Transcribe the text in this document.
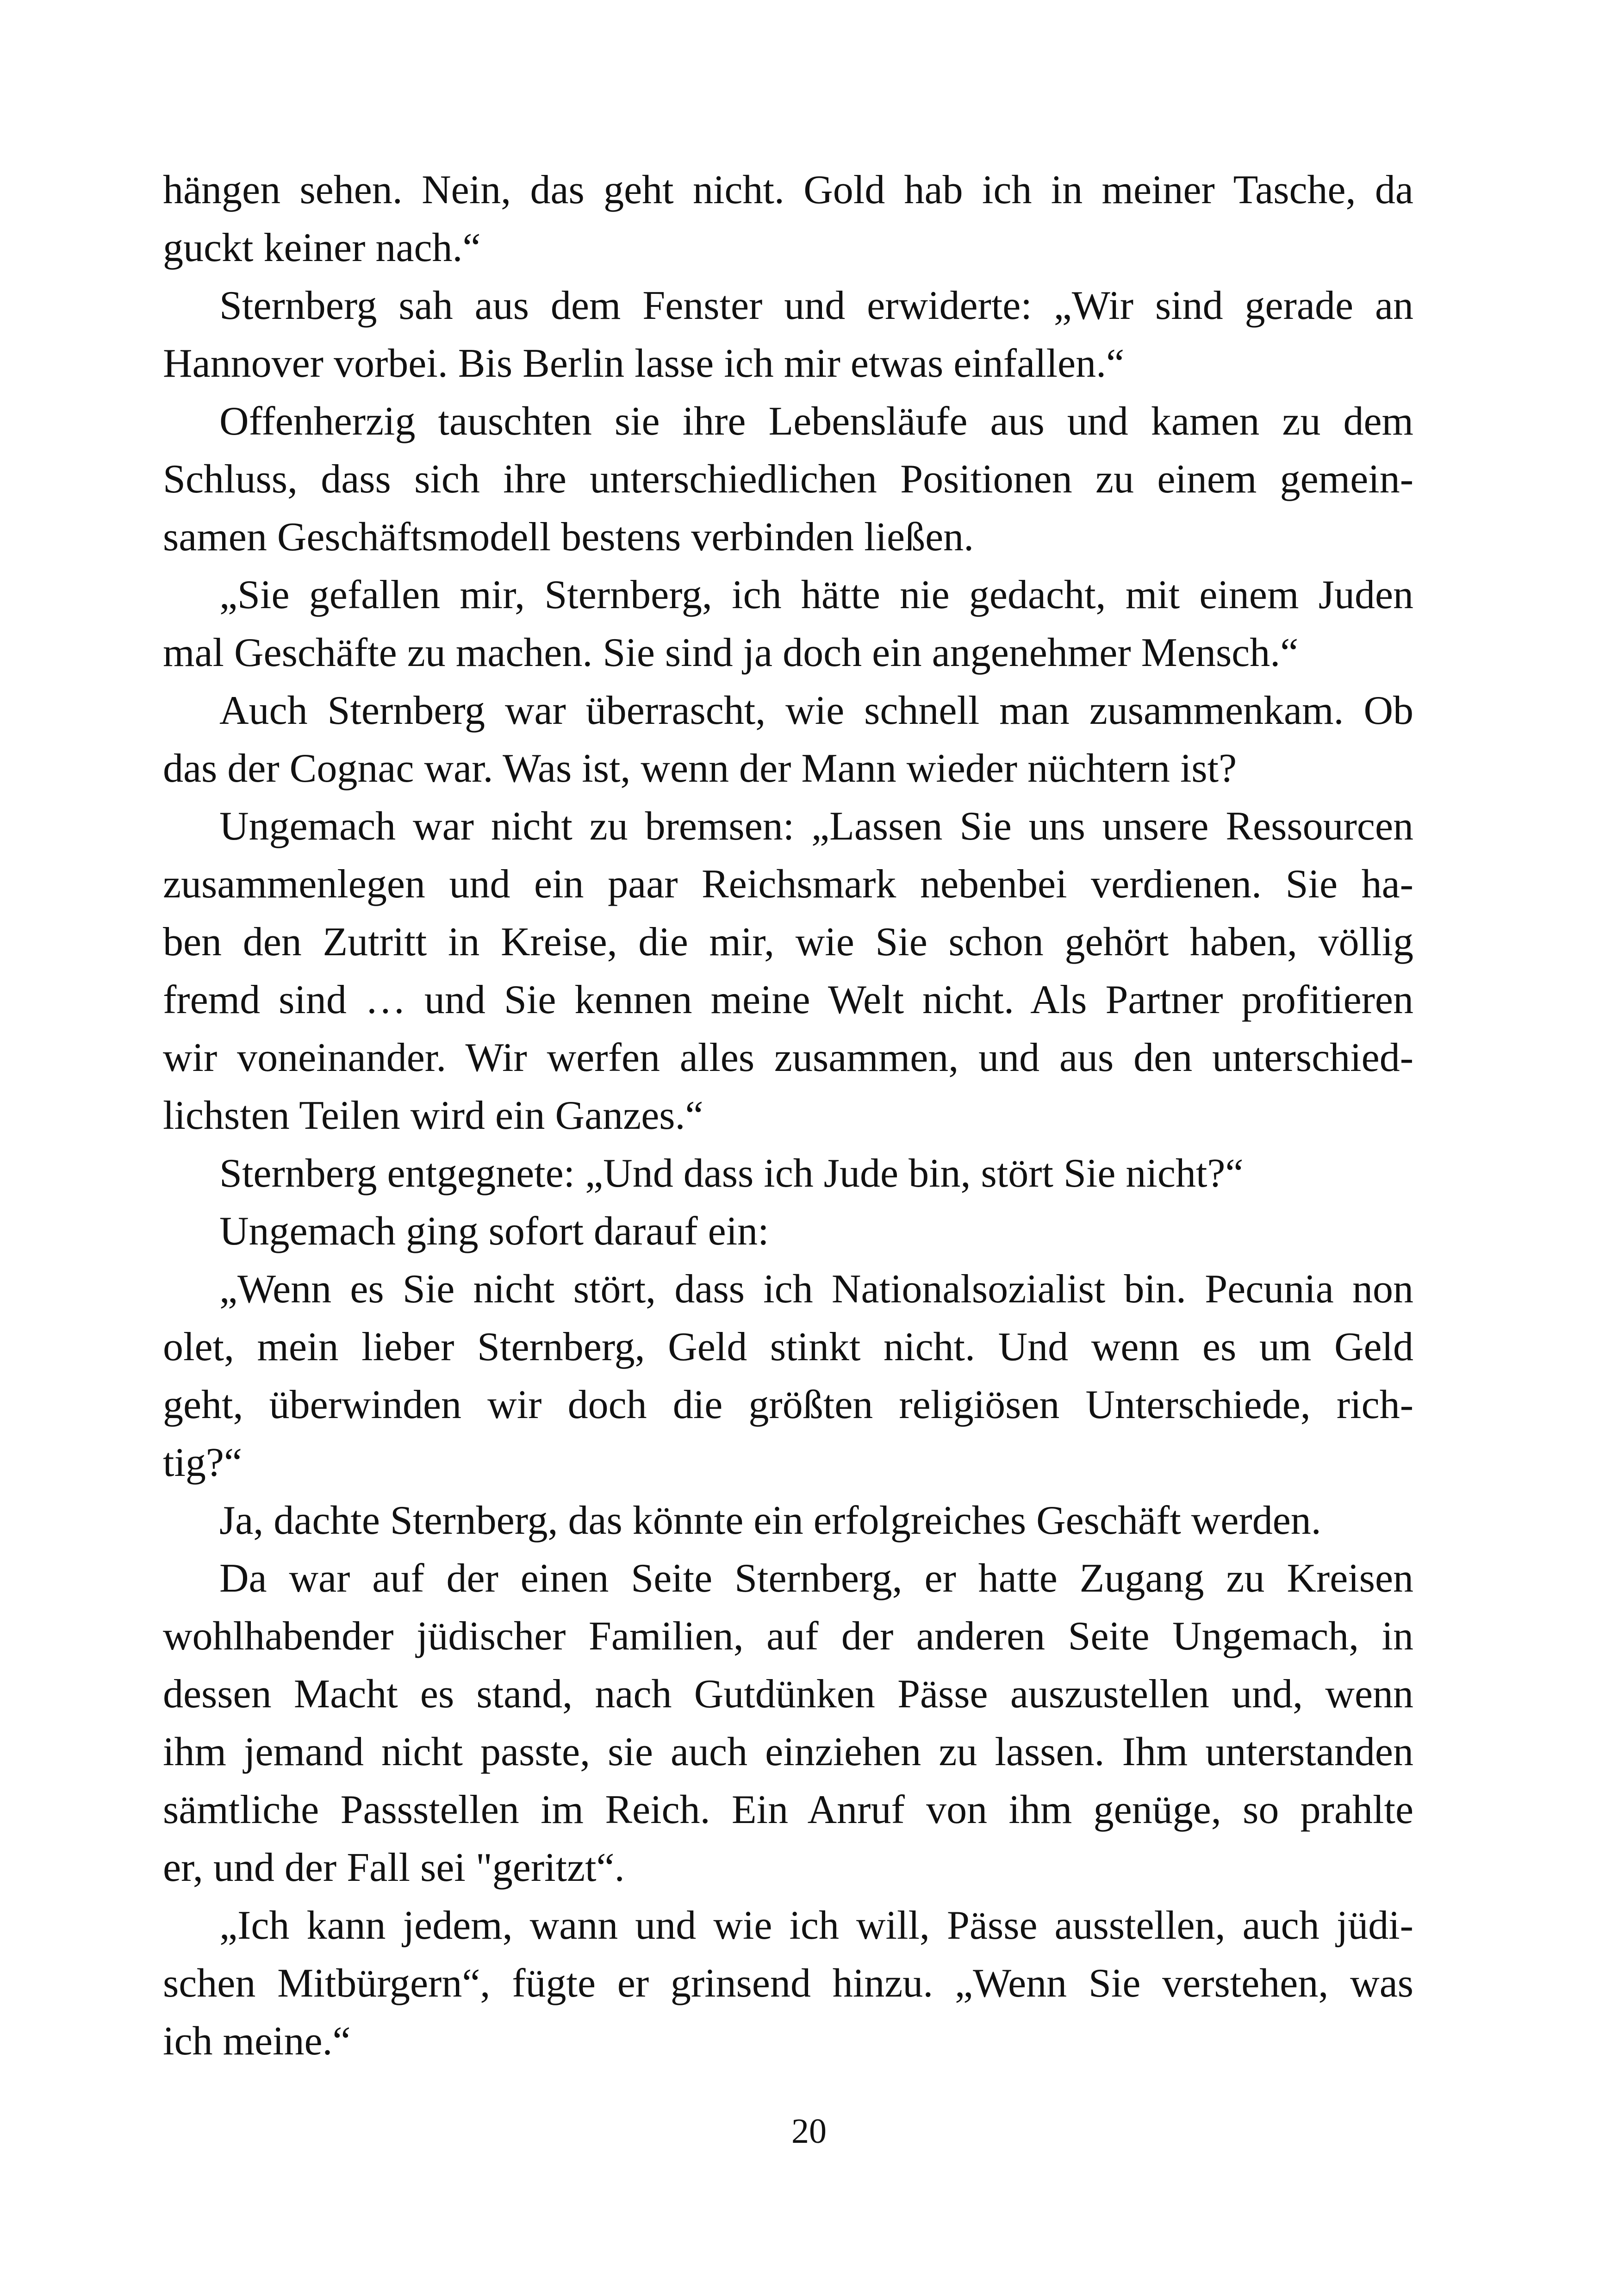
hängen sehen. Nein, das geht nicht. Gold hab ich in meiner Tasche, da
guckt keiner nach.“
Sternberg sah aus dem Fenster und erwiderte: „Wir sind gerade an
Hannover vorbei. Bis Berlin lasse ich mir etwas einfallen.“
Offenherzig tauschten sie ihre Lebensläufe aus und kamen zu dem
Schluss, dass sich ihre unterschiedlichen Positionen zu einem gemein-
samen Geschäftsmodell bestens verbinden ließen.
„Sie gefallen mir, Sternberg, ich hätte nie gedacht, mit einem Juden
mal Geschäfte zu machen. Sie sind ja doch ein angenehmer Mensch.“
Auch Sternberg war überrascht, wie schnell man zusammenkam. Ob
das der Cognac war. Was ist, wenn der Mann wieder nüchtern ist?
Ungemach war nicht zu bremsen: „Lassen Sie uns unsere Ressourcen
zusammenlegen und ein paar Reichsmark nebenbei verdienen. Sie ha-
ben den Zutritt in Kreise, die mir, wie Sie schon gehört haben, völlig
fremd sind … und Sie kennen meine Welt nicht. Als Partner profitieren
wir voneinander. Wir werfen alles zusammen, und aus den unterschied-
lichsten Teilen wird ein Ganzes.“
Sternberg entgegnete: „Und dass ich Jude bin, stört Sie nicht?“
Ungemach ging sofort darauf ein:
„Wenn es Sie nicht stört, dass ich Nationalsozialist bin. Pecunia non
olet, mein lieber Sternberg, Geld stinkt nicht. Und wenn es um Geld
geht, überwinden wir doch die größten religiösen Unterschiede, rich-
tig?“
Ja, dachte Sternberg, das könnte ein erfolgreiches Geschäft werden.
Da war auf der einen Seite Sternberg, er hatte Zugang zu Kreisen
wohlhabender jüdischer Familien, auf der anderen Seite Ungemach, in
dessen Macht es stand, nach Gutdünken Pässe auszustellen und, wenn
ihm jemand nicht passte, sie auch einziehen zu lassen. Ihm unterstanden
sämtliche Passstellen im Reich. Ein Anruf von ihm genüge, so prahlte
er, und der Fall sei "geritzt“.
„Ich kann jedem, wann und wie ich will, Pässe ausstellen, auch jüdi-
schen Mitbürgern“, fügte er grinsend hinzu. „Wenn Sie verstehen, was
ich meine.“
20
